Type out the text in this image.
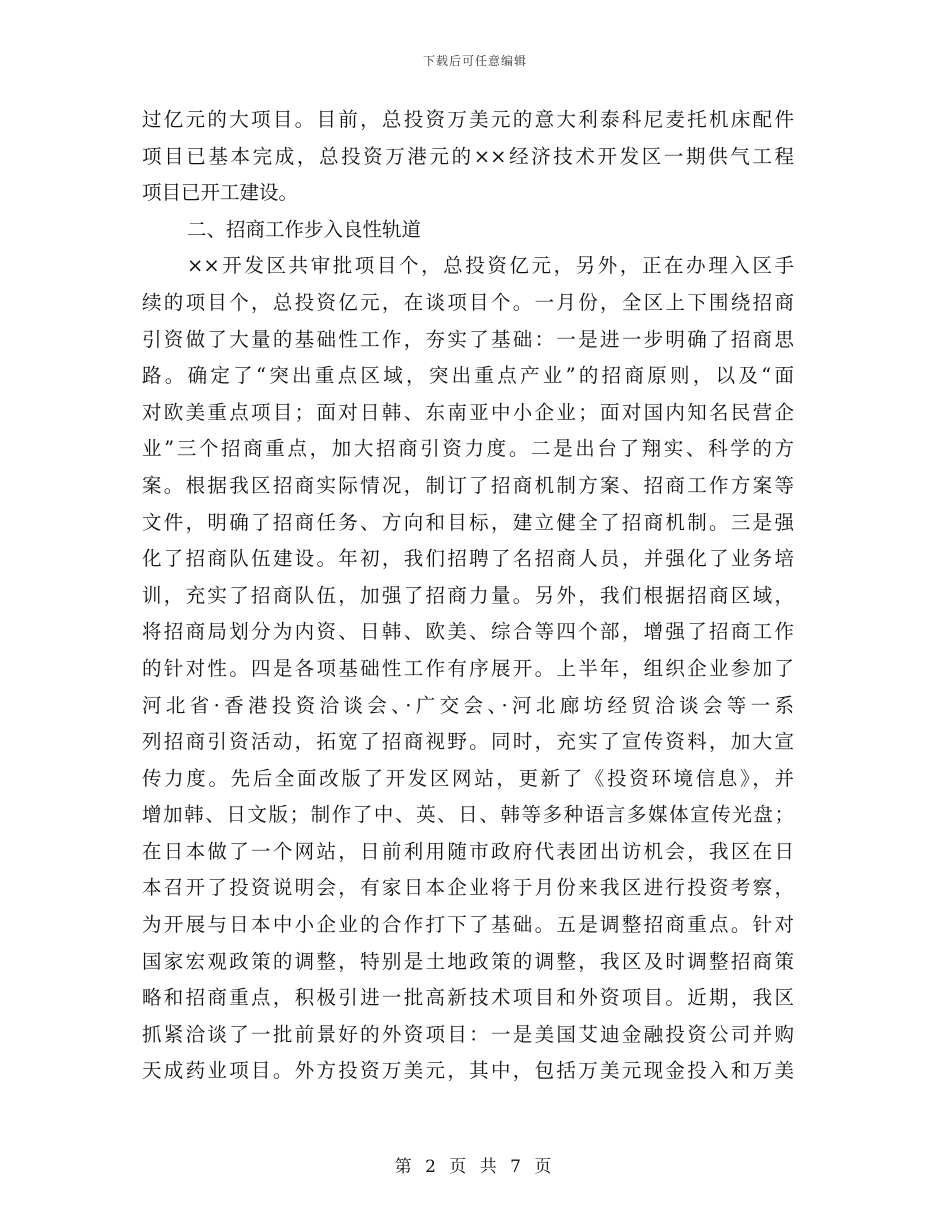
下载后可任意编辑
过亿元的大项目。目前，总投资万美元的意大利泰科尼麦托机床配件
项目已基本完成，总投资万港元的××经济技术开发区一期供气工程
项目已开工建设。
二、招商工作步入良性轨道
××开发区共审批项目个，总投资亿元，另外，正在办理入区手
续的项目个，总投资亿元，在谈项目个。一月份，全区上下围绕招商
引资做了大量的基础性工作，夯实了基础：一是进一步明确了招商思
路。确定了“突出重点区域，突出重点产业”的招商原则，以及“面
对欧美重点项目；面对日韩、东南亚中小企业；面对国内知名民营企
业”三个招商重点，加大招商引资力度。二是出台了翔实、科学的方
案。根据我区招商实际情况，制订了招商机制方案、招商工作方案等
文件，明确了招商任务、方向和目标，建立健全了招商机制。三是强
化了招商队伍建设。年初，我们招聘了名招商人员，并强化了业务培
训，充实了招商队伍，加强了招商力量。另外，我们根据招商区域，
将招商局划分为内资、日韩、欧美、综合等四个部，增强了招商工作
的针对性。四是各项基础性工作有序展开。上半年，组织企业参加了
河北省·香港投资洽谈会、·广交会、·河北廊坊经贸洽谈会等一系
列招商引资活动，拓宽了招商视野。同时，充实了宣传资料，加大宣
传力度。先后全面改版了开发区网站，更新了《投资环境信息》，并
增加韩、日文版；制作了中、英、日、韩等多种语言多媒体宣传光盘；
在日本做了一个网站，日前利用随市政府代表团出访机会，我区在日
本召开了投资说明会，有家日本企业将于月份来我区进行投资考察，
为开展与日本中小企业的合作打下了基础。五是调整招商重点。针对
国家宏观政策的调整，特别是土地政策的调整，我区及时调整招商策
略和招商重点，积极引进一批高新技术项目和外资项目。近期，我区
抓紧洽谈了一批前景好的外资项目：一是美国艾迪金融投资公司并购
天成药业项目。外方投资万美元，其中，包括万美元现金投入和万美
第 2 页 共 7 页
